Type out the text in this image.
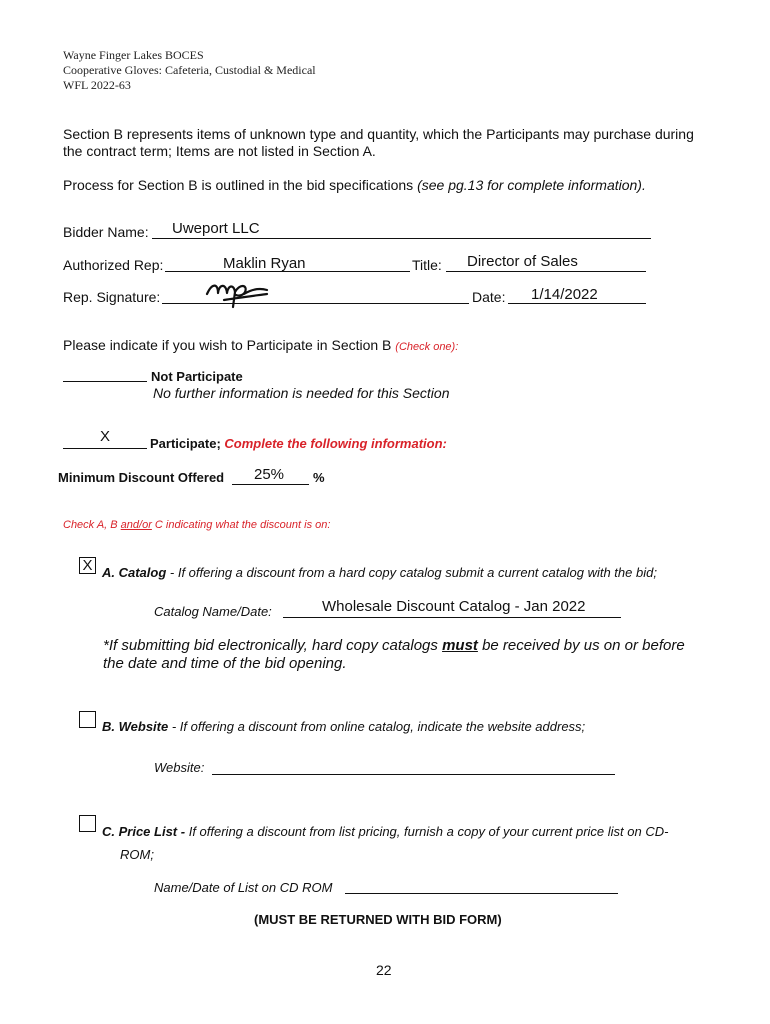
Wayne Finger Lakes BOCES
Cooperative Gloves: Cafeteria, Custodial & Medical
WFL 2022-63
Section B represents items of unknown type and quantity, which the Participants may purchase during
the contract term; Items are not listed in Section A.
Process for Section B is outlined in the bid specifications (see pg.13 for complete information).
Bidder Name: Uweport LLC
Authorized Rep:	Maklin Ryan	Title: Director of Sales
Rep. Signature:	Date: 1/14/2022
Please indicate if you wish to Participate in Section B (Check one):
Not Participate
No further information is needed for this Section
X	Participate; Complete the following information:
Minimum Discount Offered 25% %
Check A, B and/or C indicating what the discount is on:
X A. Catalog - If offering a discount from a hard copy catalog submit a current catalog with the bid;
Catalog Name/Date:	Wholesale Discount Catalog - Jan 2022
*If submitting bid electronically, hard copy catalogs must be received by us on or before
the date and time of the bid opening.
B. Website - If offering a discount from online catalog, indicate the website address;
Website:
C. Price List - If offering a discount from list pricing, furnish a copy of your current price list on CD-
ROM;
Name/Date of List on CD ROM
(MUST BE RETURNED WITH BID FORM)
22
